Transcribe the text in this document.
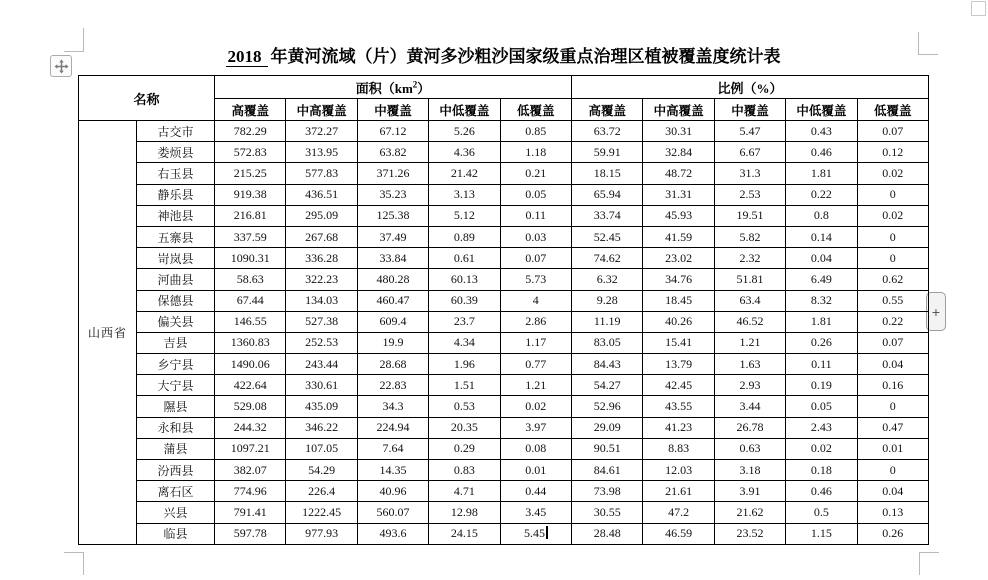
+
2018 年黄河流域（片）黄河多沙粗沙国家级重点治理区植被覆盖度统计表
名称		面积$(km^2)$					比例（%）				
		高覆盖	中高覆盖	中覆盖	中低覆盖	低覆盖	高覆盖	中高覆盖	中覆盖	中低覆盖	低覆盖
山西省	古交市	782.29	372.27	67.12	5.26	0.85	63.72	30.31	5.47	0.43	0.07
	娄烦县	572.83	313.95	63.82	4.36	1.18	59.91	32.84	6.67	0.46	0.12
	右玉县	215.25	577.83	371.26	21.42	0.21	18.15	48.72	31.3	1.81	0.02
	静乐县	919.38	436.51	35.23	3.13	0.05	65.94	31.31	2.53	0.22	0
	神池县	216.81	295.09	125.38	5.12	0.11	33.74	45.93	19.51	0.8	0.02
	五寨县	337.59	267.68	37.49	0.89	0.03	52.45	41.59	5.82	0.14	0
	岢岚县	1090.31	336.28	33.84	0.61	0.07	74.62	23.02	2.32	0.04	0
	河曲县	58.63	322.23	480.28	60.13	5.73	6.32	34.76	51.81	6.49	0.62
	保德县	67.44	134.03	460.47	60.39	4	9.28	18.45	63.4	8.32	0.55
	偏关县	146.55	527.38	609.4	23.7	2.86	11.19	40.26	46.52	1.81	0.22
	吉县	1360.83	252.53	19.9	4.34	1.17	83.05	15.41	1.21	0.26	0.07
	乡宁县	1490.06	243.44	28.68	1.96	0.77	84.43	13.79	1.63	0.11	0.04
	大宁县	422.64	330.61	22.83	1.51	1.21	54.27	42.45	2.93	0.19	0.16
	隰县	529.08	435.09	34.3	0.53	0.02	52.96	43.55	3.44	0.05	0
	永和县	244.32	346.22	224.94	20.35	3.97	29.09	41.23	26.78	2.43	0.47
	蒲县	1097.21	107.05	7.64	0.29	0.08	90.51	8.83	0.63	0.02	0.01
	汾西县	382.07	54.29	14.35	0.83	0.01	84.61	12.03	3.18	0.18	0
	离石区	774.96	226.4	40.96	4.71	0.44	73.98	21.61	3.91	0.46	0.04
	兴县	791.41	1222.45	560.07	12.98	3.45	30.55	47.2	21.62	0.5	0.13
	临县	597.78	977.93	493.6	24.15	5.45	28.48	46.59	23.52	1.15	0.26
